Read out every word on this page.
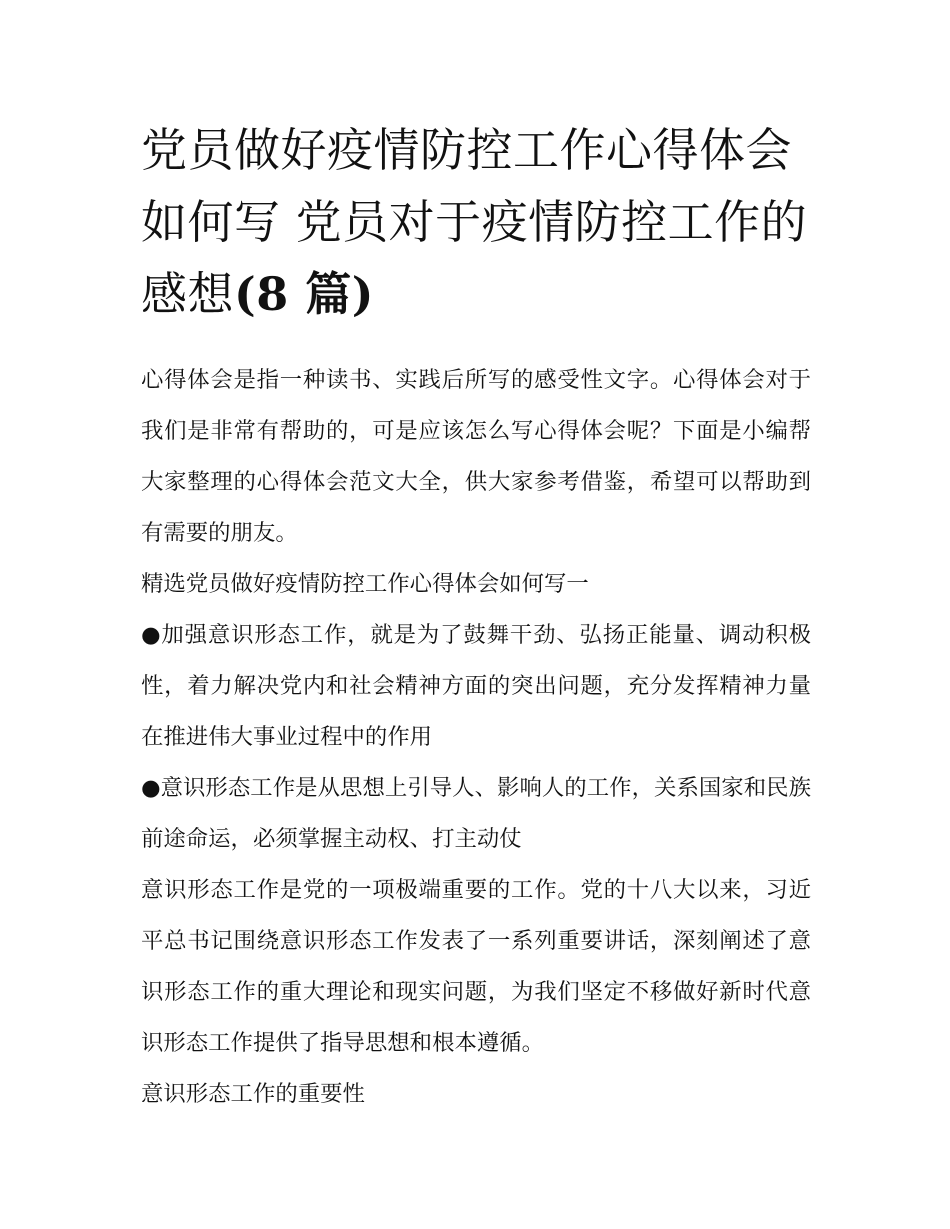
党员做好疫情防控工作心得体会如何写 党员对于疫情防控工作的感想(8 篇)

心得体会是指一种读书、实践后所写的感受性文字。心得体会对于我们是非常有帮助的，可是应该怎么写心得体会呢？下面是小编帮大家整理的心得体会范文大全，供大家参考借鉴，希望可以帮助到有需要的朋友。

精选党员做好疫情防控工作心得体会如何写一

●加强意识形态工作，就是为了鼓舞干劲、弘扬正能量、调动积极性，着力解决党内和社会精神方面的突出问题，充分发挥精神力量在推进伟大事业过程中的作用

●意识形态工作是从思想上引导人、影响人的工作，关系国家和民族前途命运，必须掌握主动权、打主动仗

意识形态工作是党的一项极端重要的工作。党的十八大以来，习近平总书记围绕意识形态工作发表了一系列重要讲话，深刻阐述了意识形态工作的重大理论和现实问题，为我们坚定不移做好新时代意识形态工作提供了指导思想和根本遵循。

意识形态工作的重要性
